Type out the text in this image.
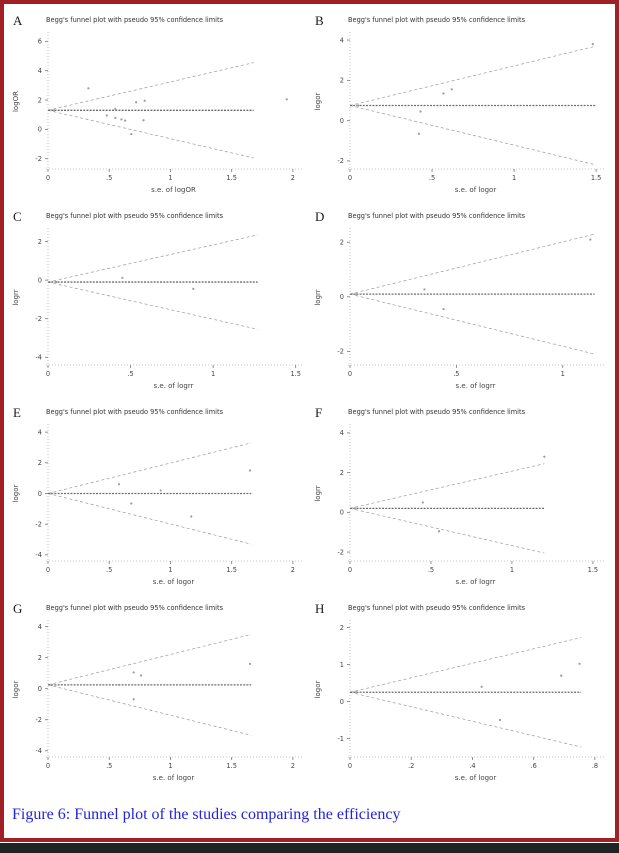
A	Begg's funnel plot with pseudo 95% confidence limits
0	.5	1	1.5	2
6
4
2
0
-2
s.e. of logOR
logOR
B	Begg's funnel plot with pseudo 95% confidence limits
0	.5	1	1.5
4
2
0
-2
s.e. of logor
logor
C	Begg's funnel plot with pseudo 95% confidence limits
0	.5	1	1.5
2
0
-2
-4
s.e. of logrr
logrr
D	Begg's funnel plot with pseudo 95% confidence limits
0	.5	1
2
0
-2
s.e. of logrr
logrr
E	Begg's funnel plot with pseudo 95% confidence limits
0	.5	1	1.5	2
4
2
0
-2
-4
s.e. of logor
logor
F	Begg's funnel plot with pseudo 95% confidence limits
0	.5	1	1.5
4
2
0
-2
s.e. of logrr
logrr
G	Begg's funnel plot with pseudo 95% confidence limits
0	.5	1	1.5	2
4
2
0
-2
-4
s.e. of logor
logor
H	Begg's funnel plot with pseudo 95% confidence limits
0	.2	.4	.6	.8
2
1
0
-1
s.e. of logor
logor
Figure 6: Funnel plot of the studies comparing the efficiency
